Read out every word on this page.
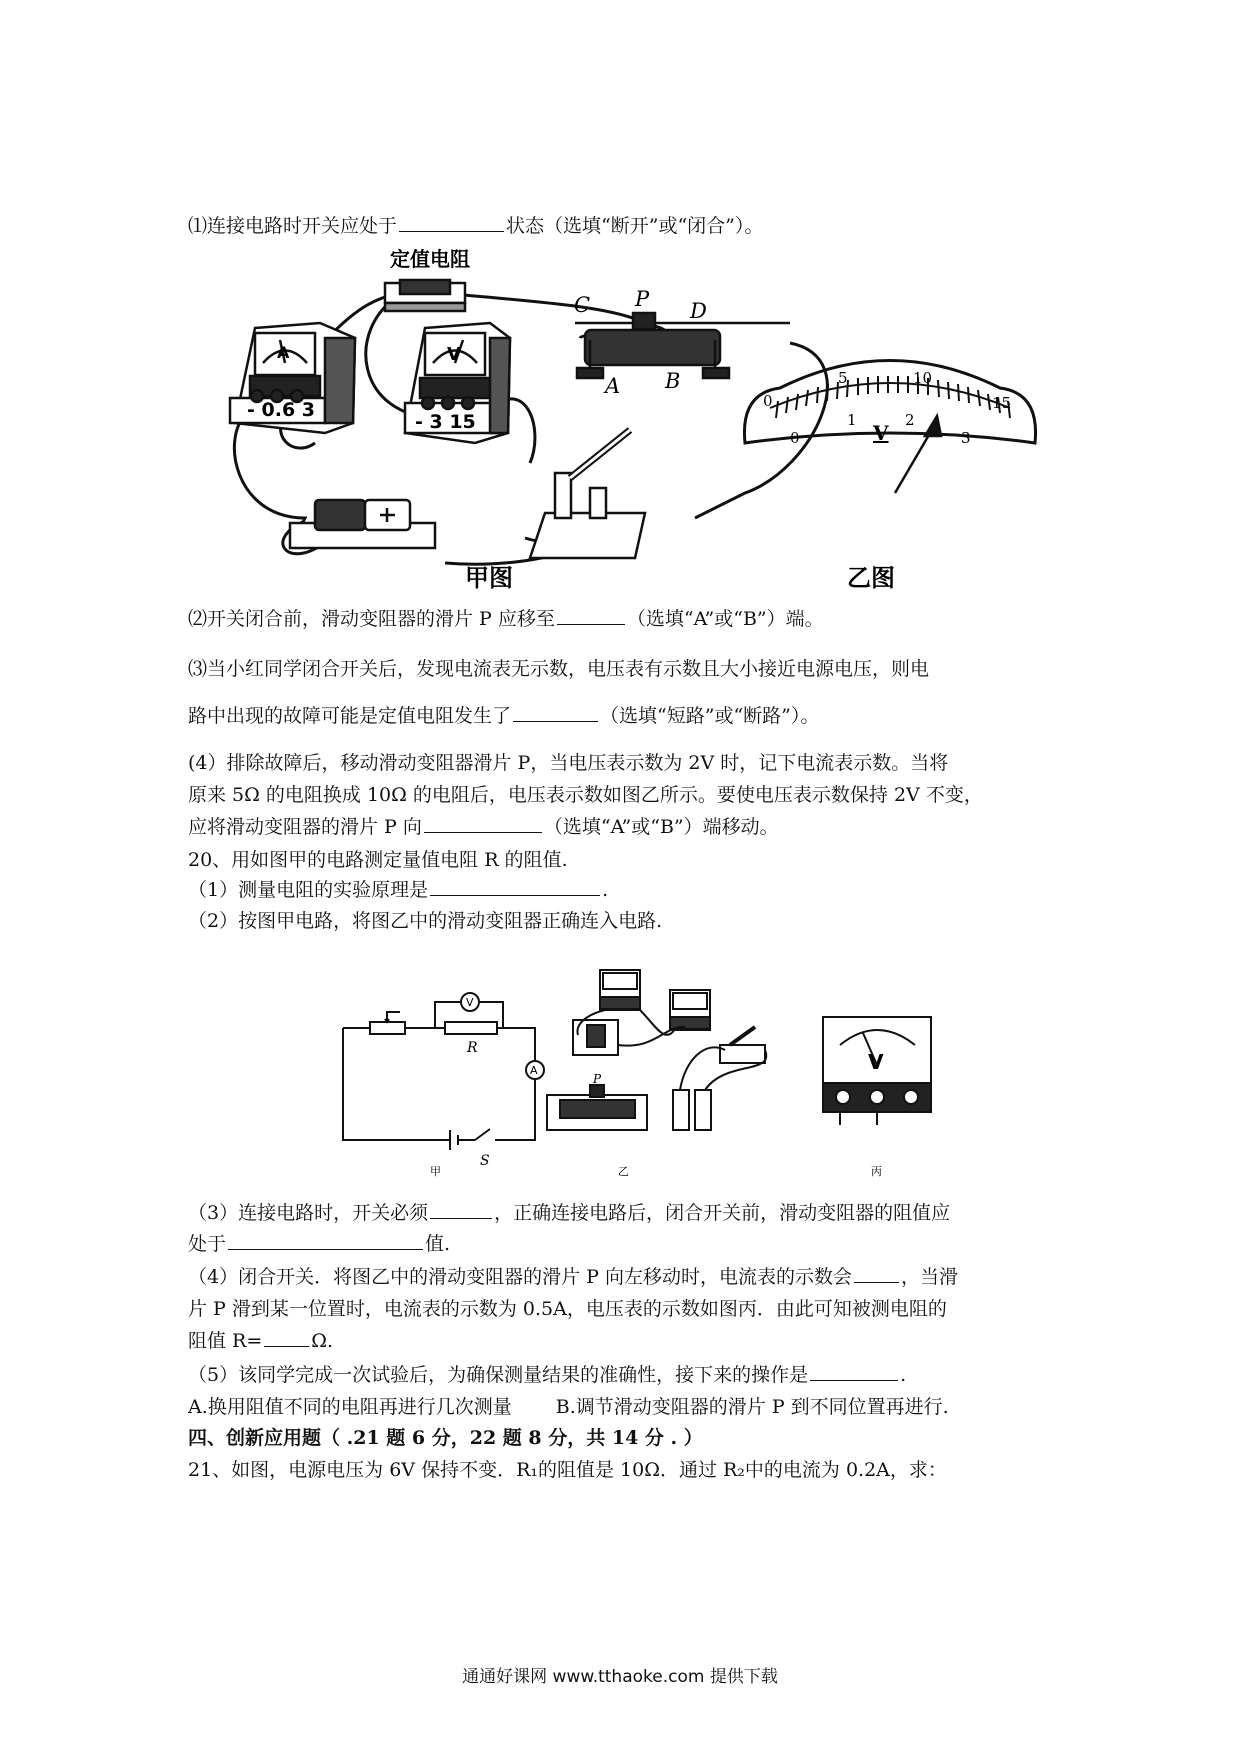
⑴连接电路时开关应处于	状态（选填“断开”或“闭合”）。
- 0.6 3
A
定值电阻
- 3 15
V
C P D
A B
甲图
0
5	10
15
0
1	2
3
V
乙图
⑵开关闭合前，滑动变阻器的滑片 P 应移至	（选填“A”或“B”）端。
⑶当小红同学闭合开关后，发现电流表无示数，电压表有示数且大小接近电源电压，则电
路中出现的故障可能是定值电阻发生了	（选填“短路”或“断路”）。
(4）排除故障后，移动滑动变阻器滑片 P，当电压表示数为 2V 时，记下电流表示数。当将
原来 5Ω 的电阻换成 10Ω 的电阻后，电压表示数如图乙所示。要使电压表示数保持 2V 不变，
应将滑动变阻器的滑片 P 向	（选填“A”或“B”）端移动。
20、用如图甲的电路测定量值电阻 R 的阻值.
（1）测量电阻的实验原理是	.
（2）按图甲电路，将图乙中的滑动变阻器正确连入电路.
V
A
R
S
甲
P
乙
V
丙
（3）连接电路时，开关必须	，正确连接电路后，闭合开关前，滑动变阻器的阻值应
处于	值.
（4）闭合开关．将图乙中的滑动变阻器的滑片 P 向左移动时，电流表的示数会	，当滑
片 P 滑到某一位置时，电流表的示数为 0.5A，电压表的示数如图丙．由此可知被测电阻的
阻值 R=	Ω.
（5）该同学完成一次试验后，为确保测量结果的准确性，接下来的操作是	.
A.换用阻值不同的电阻再进行几次测量　　 B.调节滑动变阻器的滑片 P 到不同位置再进行.
四、创新应用题（ .21 题 6 分，22 题 8 分，共 14 分 . ）
21、如图，电源电压为 6V 保持不变．R₁的阻值是 10Ω．通过 R₂中的电流为 0.2A，求：
通通好课网 www.tthaoke.com 提供下载
